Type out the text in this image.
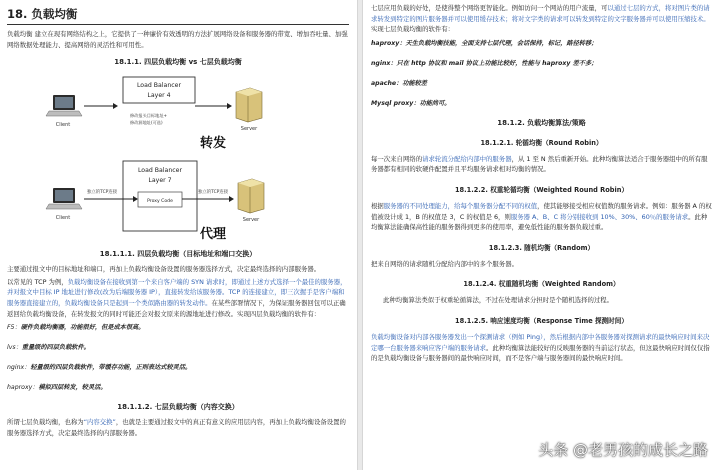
18. 负载均衡

负载均衡 建立在现有网络结构之上，它提供了一种廉价有效透明的方法扩展网络设备和服务器的带宽、增加吞吐量、加强网络数据处理能力、提高网络的灵活性和可用性。

18.1.1. 四层负载均衡 vs 七层负载均衡
Client
Load Balancer
Layer 4
修改报头目标地址+
修改源地址(可选)
Server
转发
Load Balancer
Layer 7
Proxy Code
Client
独立的TCP连接	独立的TCP连接
Server
代理
18.1.1.1. 四层负载均衡（目标地址和端口交换）

主要通过报文中的目标地址和端口，再加上负载均衡设备设置的服务器选择方式，决定最终选择的内部服务器。

以常见的 TCP 为例，负载均衡设备在接收到第一个来自客户端的 SYN 请求时，即通过上述方式选择一个最佳的服务器，并对报文中目标 IP 地址进行修改(改为后端服务器 IP），直接转发给该服务器。TCP 的连接建立，即三次握手是客户端和服务器直接建立的，负载均衡设备只是起到一个类似路由器的转发动作。在某些部署情况下，为保证服务器回包可以正确返回给负载均衡设备，在转发报文的同时可能还会对报文原来的源地址进行修改。实现四层负载均衡的软件有：

F5：硬件负载均衡器，功能很好，但是成本很高。
lvs：重量级的四层负载软件。
nginx：轻量级的四层负载软件，带缓存功能，正则表达式较灵活。
haproxy：模拟四层转发，较灵活。
18.1.1.2. 七层负载均衡（内容交换）

所谓七层负载均衡，也称为“内容交换”，也就是主要通过报文中的真正有意义的应用层内容，再加上负载均衡设备设置的服务器选择方式，决定最终选择的内部服务器。

七层应用负载的好处，是使得整个网络更智能化。例如访问一个网站的用户流量，可以通过七层的方式，将对图片类的请求转发到特定的图片服务器并可以使用缓存技术；将对文字类的请求可以转发到特定的文字服务器并可以使用压缩技术。实现七层负载均衡的软件有：

haproxy：天生负载均衡技能，全面支持七层代理，会话保持，标记，路径转移；
nginx：只在 http 协议和 mail 协议上功能比较好，性能与 haproxy 差不多；
apache：功能较差
Mysql proxy：功能尚可。
18.1.2. 负载均衡算法/策略
18.1.2.1. 轮循均衡（Round Robin）

每一次来自网络的请求轮流分配给内部中的服务器，从 1 至 N 然后重新开始。此种均衡算法适合于服务器组中的所有服务器都有相同的软硬件配置并且平均服务请求相对均衡的情况。

18.1.2.2. 权重轮循均衡（Weighted Round Robin）

根据服务器的不同处理能力，给每个服务器分配不同的权值，使其能够接受相应权值数的服务请求。例如：服务器 A 的权值被设计成 1，B 的权值是 3，C 的权值是 6，则服务器 A、B、C 将分别接收到 10%、30%、60％的服务请求。此种均衡算法能确保高性能的服务器得到更多的使用率，避免低性能的服务器负载过重。

18.1.2.3. 随机均衡（Random）

把来自网络的请求随机分配给内部中的多个服务器。

18.1.2.4. 权重随机均衡（Weighted Random）

此种均衡算法类似于权重轮循算法，不过在处理请求分担时是个随机选择的过程。

18.1.2.5. 响应速度均衡（Response Time 探测时间）

负载均衡设备对内部各服务器发出一个探测请求（例如 Ping），然后根据内部中各服务器对探测请求的最快响应时间来决定哪一台服务器来响应客户端的服务请求。此种均衡算法能较好的反映服务器的当前运行状态，但这最快响应时间仅仅指的是负载均衡设备与服务器间的最快响应时间，而不是客户端与服务器间的最快响应时间。

头条 @老男孩的成长之路
